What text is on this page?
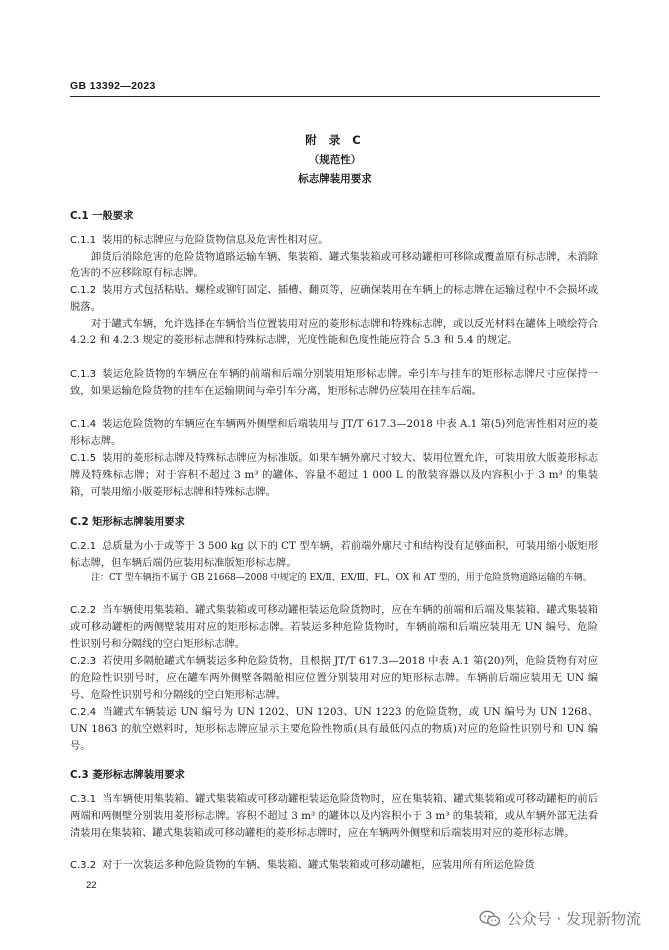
GB 13392—2023
附 录 C
（规范性）
标志牌装用要求

C.1 一般要求

C.1.1 装用的标志牌应与危险货物信息及危害性相对应。

卸货后消除危害的危险货物道路运输车辆、集装箱、罐式集装箱或可移动罐柜可移除或覆盖原有标志牌，未消除危害的不应移除原有标志牌。

C.1.2 装用方式包括粘贴、螺栓或铆钉固定、插槽、翻页等，应确保装用在车辆上的标志牌在运输过程中不会损坏或脱落。

对于罐式车辆，允许选择在车辆恰当位置装用对应的菱形标志牌和特殊标志牌，或以反光材料在罐体上喷绘符合 4.2.2 和 4.2.3 规定的菱形标志牌和特殊标志牌，光度性能和色度性能应符合 5.3 和 5.4 的规定。

C.1.3 装运危险货物的车辆应在车辆的前端和后端分别装用矩形标志牌。牵引车与挂车的矩形标志牌尺寸应保持一致，如果运输危险货物的挂车在运输期间与牵引车分离，矩形标志牌仍应装用在挂车后端。

C.1.4 装运危险货物的车辆应在车辆两外侧壁和后端装用与 JT/T 617.3—2018 中表 A.1 第(5)列危害性相对应的菱形标志牌。

C.1.5 装用的菱形标志牌及特殊标志牌应为标准版。如果车辆外廓尺寸较大、装用位置允许，可装用放大版菱形标志牌及特殊标志牌；对于容积不超过 3 m³ 的罐体、容量不超过 1 000 L 的散装容器以及内容积小于 3 m³ 的集装箱，可装用缩小版菱形标志牌和特殊标志牌。

C.2 矩形标志牌装用要求

C.2.1 总质量为小于或等于 3 500 kg 以下的 CT 型车辆，若前端外廓尺寸和结构没有足够面积，可装用缩小版矩形标志牌，但车辆后端仍应装用标准版矩形标志牌。

注：CT 型车辆指不属于 GB 21668—2008 中规定的 EX/Ⅱ、EX/Ⅲ、FL、OX 和 AT 型的，用于危险货物道路运输的车辆。

C.2.2 当车辆使用集装箱、罐式集装箱或可移动罐柜装运危险货物时，应在车辆的前端和后端及集装箱、罐式集装箱或可移动罐柜的两侧壁装用对应的矩形标志牌。若装运多种危险货物时，车辆前端和后端应装用无 UN 编号、危险性识别号和分隔线的空白矩形标志牌。

C.2.3 若使用多隔舱罐式车辆装运多种危险货物，且根据 JT/T 617.3—2018 中表 A.1 第(20)列，危险货物有对应的危险性识别号时，应在罐车两外侧壁各隔舱相应位置分别装用对应的矩形标志牌。车辆前后端应装用无 UN 编号、危险性识别号和分隔线的空白矩形标志牌。

C.2.4 当罐式车辆装运 UN 编号为 UN 1202、UN 1203、UN 1223 的危险货物，或 UN 编号为 UN 1268、UN 1863 的航空燃料时，矩形标志牌应显示主要危险性物质(具有最低闪点的物质)对应的危险性识别号和 UN 编号。

C.3 菱形标志牌装用要求

C.3.1 当车辆使用集装箱、罐式集装箱或可移动罐柜装运危险货物时，应在集装箱、罐式集装箱或可移动罐柜的前后两端和两侧壁分别装用菱形标志牌。容积不超过 3 m³ 的罐体以及内容积小于 3 m³ 的集装箱，或从车辆外部无法看清装用在集装箱、罐式集装箱或可移动罐柜的菱形标志牌时，应在车辆两外侧壁和后端装用对应的菱形标志牌。

C.3.2 对于一次装运多种危险货物的车辆、集装箱、罐式集装箱或可移动罐柜，应装用所有所运危险货

22
公众号 · 发现新物流
